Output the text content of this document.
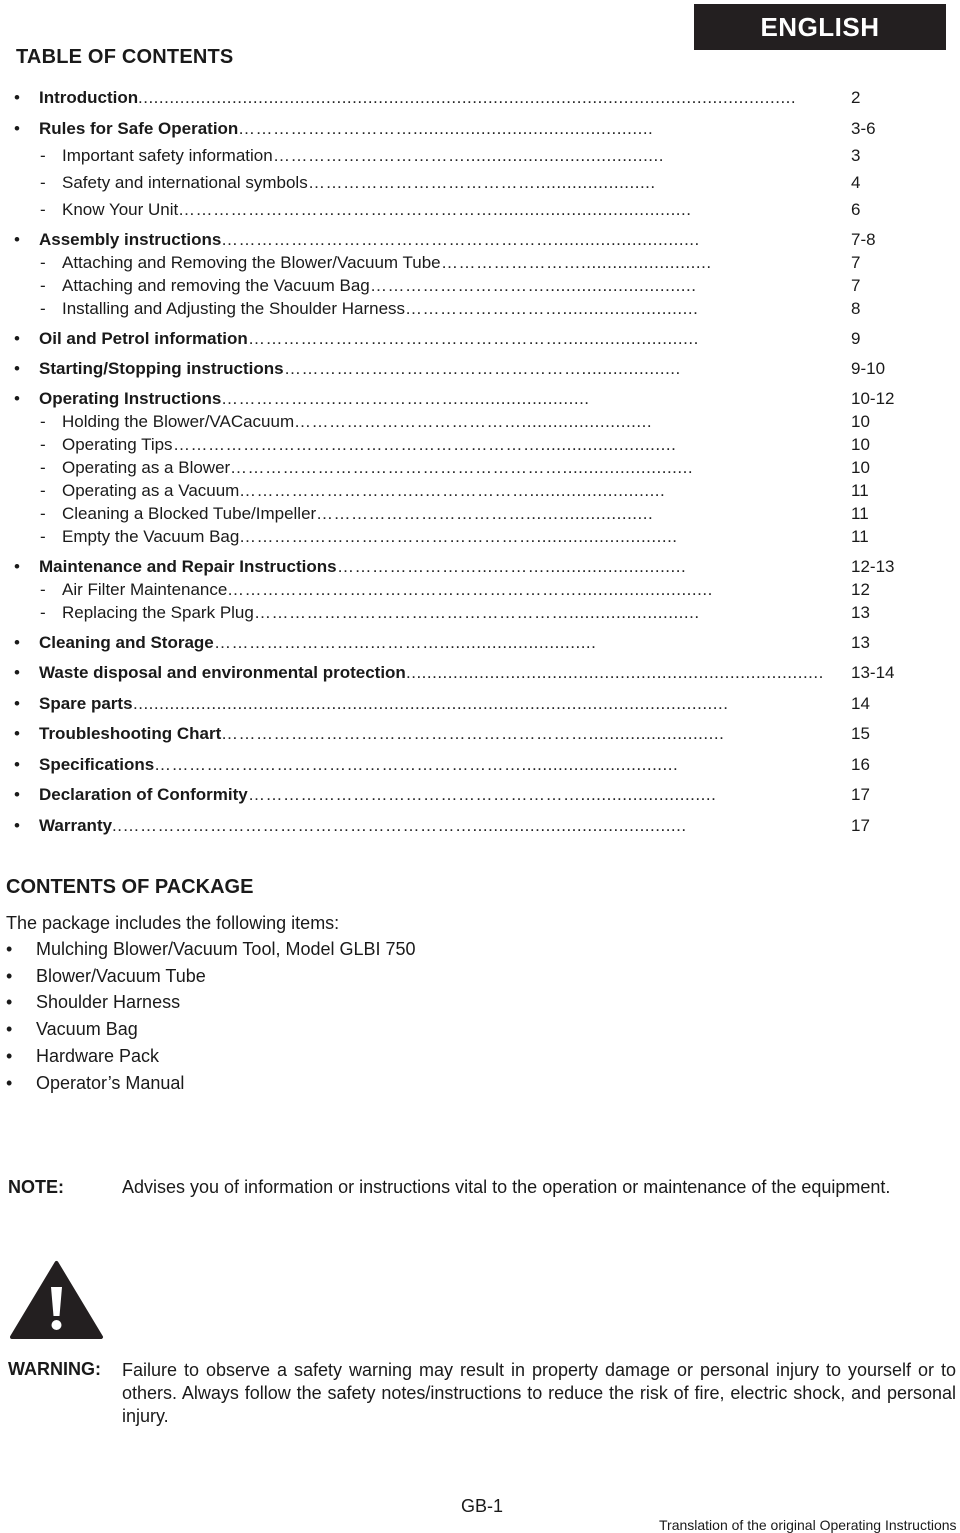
ENGLISH
TABLE OF CONTENTS
• Introduction ..............................................................................................................................	2
• Rules for Safe Operation …………………………..............................................	3-6
- Important safety information ……………………………......................................	3
- Safety and international symbols ………………………………….......................	4
- Know Your Unit ………………………………………………......................................	6
• Assembly instructions …………………………………………………............................	7-8
- Attaching and Removing the Blower/Vacuum Tube …………………….........................	7
- Attaching and removing the Vacuum Bag ………………………….............................	7
- Installing and Adjusting the Shoulder Harness ………………………..........................	8
• Oil and Petrol information ………………………………………………..........................	9
• Starting/Stopping instructions ……………………………………………...................	9-10
• Operating Instructions ………………..………………….........................	10-12
- Holding the Blower/VACacuum ………………………………….........................	10
- Operating Tips ………………………………………………………..........................	10
- Operating as a Blower ………………………………………………….........................	10
- Operating as a Vacuum …………………………..………………..........................	11
- Cleaning a Blocked Tube/Impeller ………………………………...…..................	11
- Empty the Vacuum Bag ……………………………………………...........................	11
• Maintenance and Repair Instructions ……………………...………...........................	12-13
- Air Filter Maintenance ……………………………………………………..........................	12
- Replacing the Spark Plug ……………………………………………….........................	13
• Cleaning and Storage ……………………...…………..............................	13
• Waste disposal and environmental protection ................................................................................	13-14
• Spare parts ..................................................................................................................	14
• Troubleshooting Chart ………………………………………………………..........................	15
• Specifications ………………………………………………………..............................	16
• Declaration of Conformity …………………………………………………..........................	17
• Warranty ..…………………………………………………….........................................	17
CONTENTS OF PACKAGE
The package includes the following items:
• Mulching Blower/Vacuum Tool, Model GLBI 750
• Blower/Vacuum Tube
• Shoulder Harness
• Vacuum Bag
• Hardware Pack
• Operator’s Manual
NOTE:	Advises you of information or instructions vital to the operation or maintenance of the equipment.
WARNING: Failure to observe a safety warning may result in property damage or personal injury to yourself or to others. Always follow the safety notes/instructions to reduce the risk of fire, electric shock, and personal injury.
GB-1
Translation of the original Operating Instructions
